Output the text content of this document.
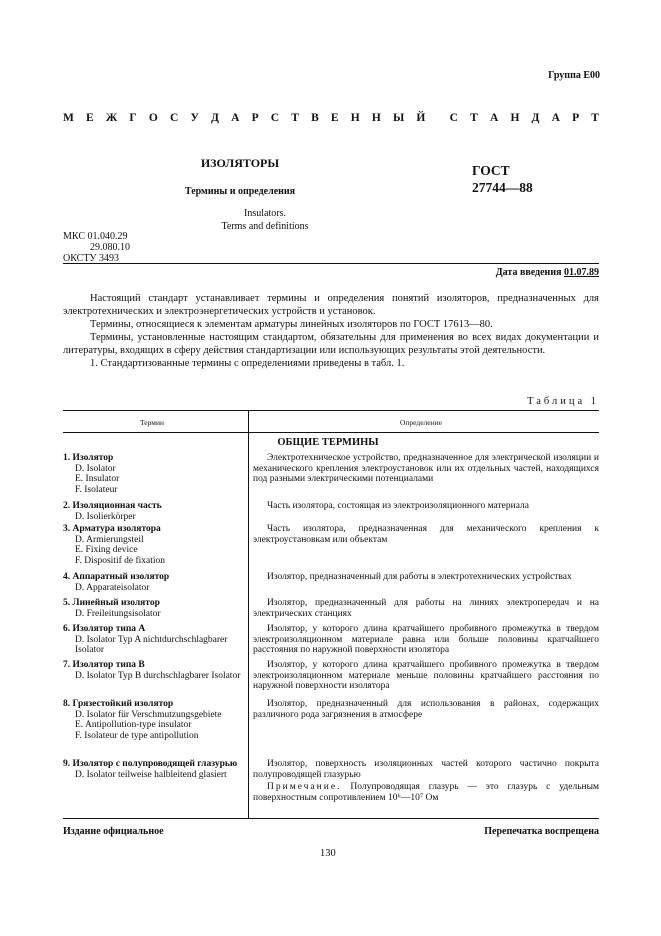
Группа Е00
М Е Ж Г О С У Д А Р С Т В Е Н Н Ы Й С Т А Н Д А Р Т
ИЗОЛЯТОРЫ
Термины и определения
ГОСТ
27744—88
Insulators.
Terms and definitions
МКС 01.040.29
29.080.10
ОКСТУ 3493
Дата введения 01.07.89

Настоящий стандарт устанавливает термины и определения понятий изоляторов, предназначенных для электротехнических и электроэнергетических устройств и установок.

Термины, относящиеся к элементам арматуры линейных изоляторов по ГОСТ 17613—80.

Термины, установленные настоящим стандартом, обязательны для применения во всех видах документации и литературы, входящих в сферу действия стандартизации или использующих результаты этой деятельности.

1. Стандартизованные термины с определениями приведены в табл. 1.

Таблица 1
Термин	Определение
ОБЩИЕ ТЕРМИНЫ
1. Изолятор
D. Isolator
E. Insulator
F. Isolateur
Электротехническое устройство, предназначенное для электрической изоляции и механического крепления электроустановок или их отдельных частей, находящихся под разными электрическими потенциалами
2. Изоляционная часть
D. Isolierkörper
Часть изолятора, состоящая из электроизоляционного материала
3. Арматура изолятора
D. Armierungsteil
E. Fixing device
F. Dispositif de fixation
Часть изолятора, предназначенная для механического крепления к электроустановкам или объектам
4. Аппаратный изолятор
D. Apparateisolator
Изолятор, предназначенный для работы в электротехнических устройствах
5. Линейный изолятор
D. Freileitungsisolator
Изолятор, предназначенный для работы на линиях электропередач и на электрических станциях
6. Изолятор типа А
D. Isolator Typ A nichtdurchschlagbarer Isolator
Изолятор, у которого длина кратчайшего пробивного промежутка в твердом электроизоляционном материале равна или больше половины кратчайшего расстояния по наружной поверхности изолятора
7. Изолятор типа В
D. Isolator Typ B durchschlagbarer Isolator
Изолятор, у которого длина кратчайшего пробивного промежутка в твердом электроизоляционном материале меньше половины кратчайшего расстояния по наружной поверхности изолятора
8. Грязестойкий изолятор
D. Isolator für Verschmutzungsgebiete
E. Antipollution-type insulator
F. Isolateur de type antipollution
Изолятор, предназначенный для использования в районах, содержащих различного рода загрязнения в атмосфере
9. Изолятор с полупроводящей глазурью
D. Isolator teilweise halbleitend glasiert
Изолятор, поверхность изоляционных частей которого частично покрыта полупроводящей глазурью
Примечание. Полупроводящая глазурь — это глазурь с удельным поверхностным сопротивлением 10⁶—10⁷ Ом
Издание официальное	Перепечатка воспрещена
130
